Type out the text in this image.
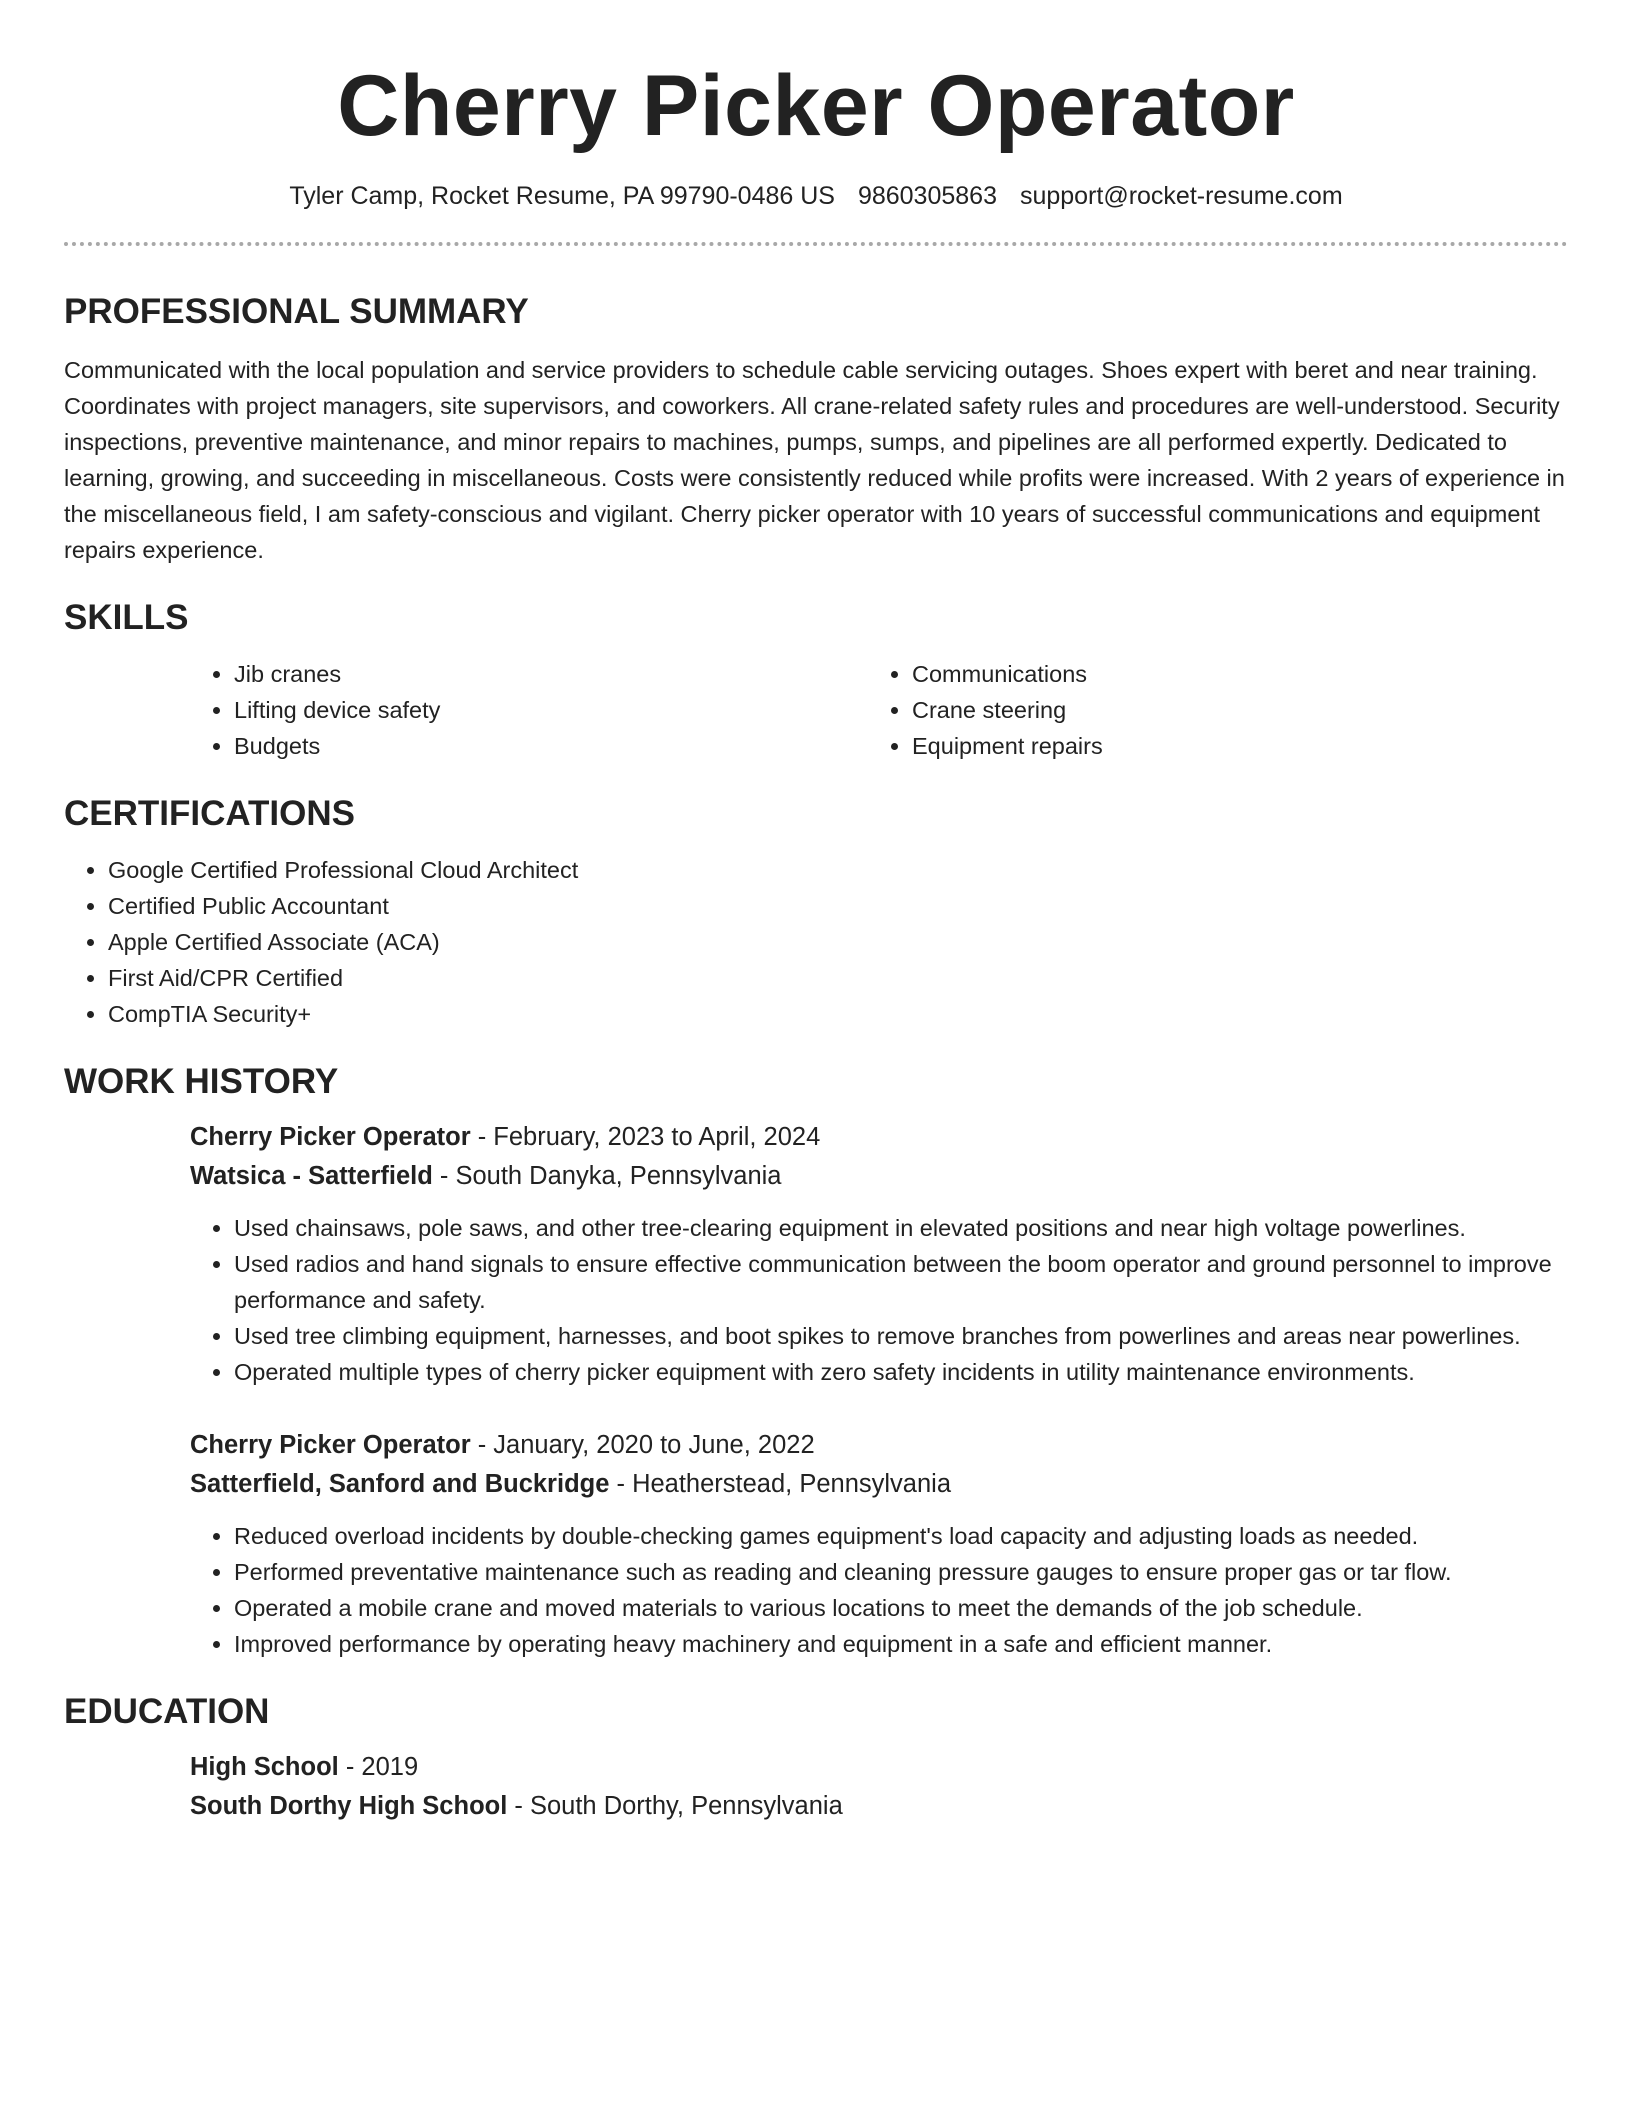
Cherry Picker Operator
Tyler Camp, Rocket Resume, PA 99790-0486 US 9860305863 support@rocket-resume.com
PROFESSIONAL SUMMARY

Communicated with the local population and service providers to schedule cable servicing outages. Shoes expert with beret and near training. Coordinates with project managers, site supervisors, and coworkers. All crane-related safety rules and procedures are well-understood. Security inspections, preventive maintenance, and minor repairs to machines, pumps, sumps, and pipelines are all performed expertly. Dedicated to learning, growing, and succeeding in miscellaneous. Costs were consistently reduced while profits were increased. With 2 years of experience in the miscellaneous field, I am safety-conscious and vigilant. Cherry picker operator with 10 years of successful communications and equipment repairs experience.

SKILLS
• Jib cranes
• Lifting device safety
• Budgets
• Communications
• Crane steering
• Equipment repairs
CERTIFICATIONS
• Google Certified Professional Cloud Architect
• Certified Public Accountant
• Apple Certified Associate (ACA)
• First Aid/CPR Certified
• CompTIA Security+
WORK HISTORY

Cherry Picker Operator - February, 2023 to April, 2024

Watsica - Satterfield - South Danyka, Pennsylvania

• Used chainsaws, pole saws, and other tree-clearing equipment in elevated positions and near high voltage powerlines.
• Used radios and hand signals to ensure effective communication between the boom operator and ground personnel to improve performance and safety.
• Used tree climbing equipment, harnesses, and boot spikes to remove branches from powerlines and areas near powerlines.
• Operated multiple types of cherry picker equipment with zero safety incidents in utility maintenance environments.

Cherry Picker Operator - January, 2020 to June, 2022

Satterfield, Sanford and Buckridge - Heatherstead, Pennsylvania

• Reduced overload incidents by double-checking games equipment's load capacity and adjusting loads as needed.
• Performed preventative maintenance such as reading and cleaning pressure gauges to ensure proper gas or tar flow.
• Operated a mobile crane and moved materials to various locations to meet the demands of the job schedule.
• Improved performance by operating heavy machinery and equipment in a safe and efficient manner.
EDUCATION

High School - 2019

South Dorthy High School - South Dorthy, Pennsylvania
